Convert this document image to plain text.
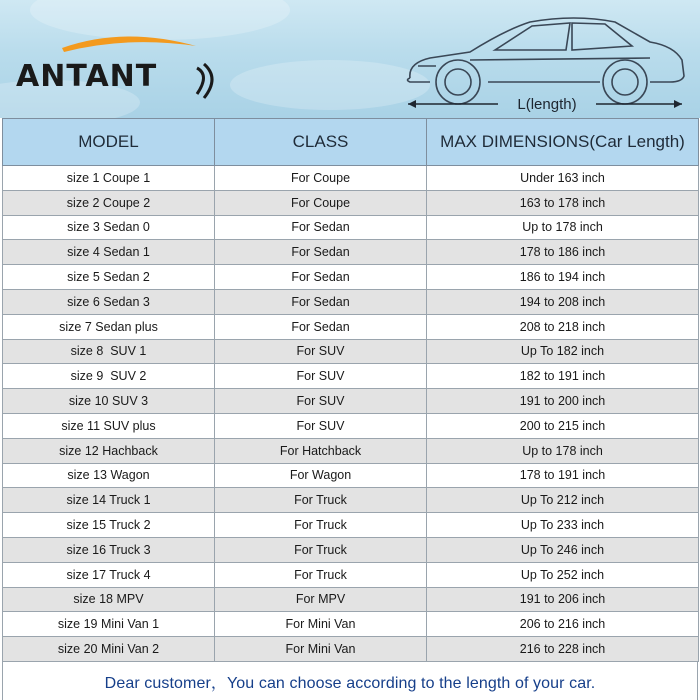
ANTANT
L(length)
MODEL	CLASS	MAX DIMENSIONS(Car Length)
size 1 Coupe 1	For Coupe	Under 163 inch
size 2 Coupe 2	For Coupe	163 to 178 inch
size 3 Sedan 0	For Sedan	Up to 178 inch
size 4 Sedan 1	For Sedan	178 to 186 inch
size 5 Sedan 2	For Sedan	186 to 194 inch
size 6 Sedan 3	For Sedan	194 to 208 inch
size 7 Sedan plus	For Sedan	208 to 218 inch
size 8  SUV 1	For SUV	Up To 182 inch
size 9  SUV 2	For SUV	182 to 191 inch
size 10 SUV 3	For SUV	191 to 200 inch
size 11 SUV plus	For SUV	200 to 215 inch
size 12 Hachback	For Hatchback	Up to 178 inch
size 13 Wagon	For Wagon	178 to 191 inch
size 14 Truck 1	For Truck	Up To 212 inch
size 15 Truck 2	For Truck	Up To 233 inch
size 16 Truck 3	For Truck	Up To 246 inch
size 17 Truck 4	For Truck	Up To 252 inch
size 18 MPV	For MPV	191 to 206 inch
size 19 Mini Van 1	For Mini Van	206 to 216 inch
size 20 Mini Van 2	For Mini Van	216 to 228 inch
Dear customer，You can choose according to the length of your car.
